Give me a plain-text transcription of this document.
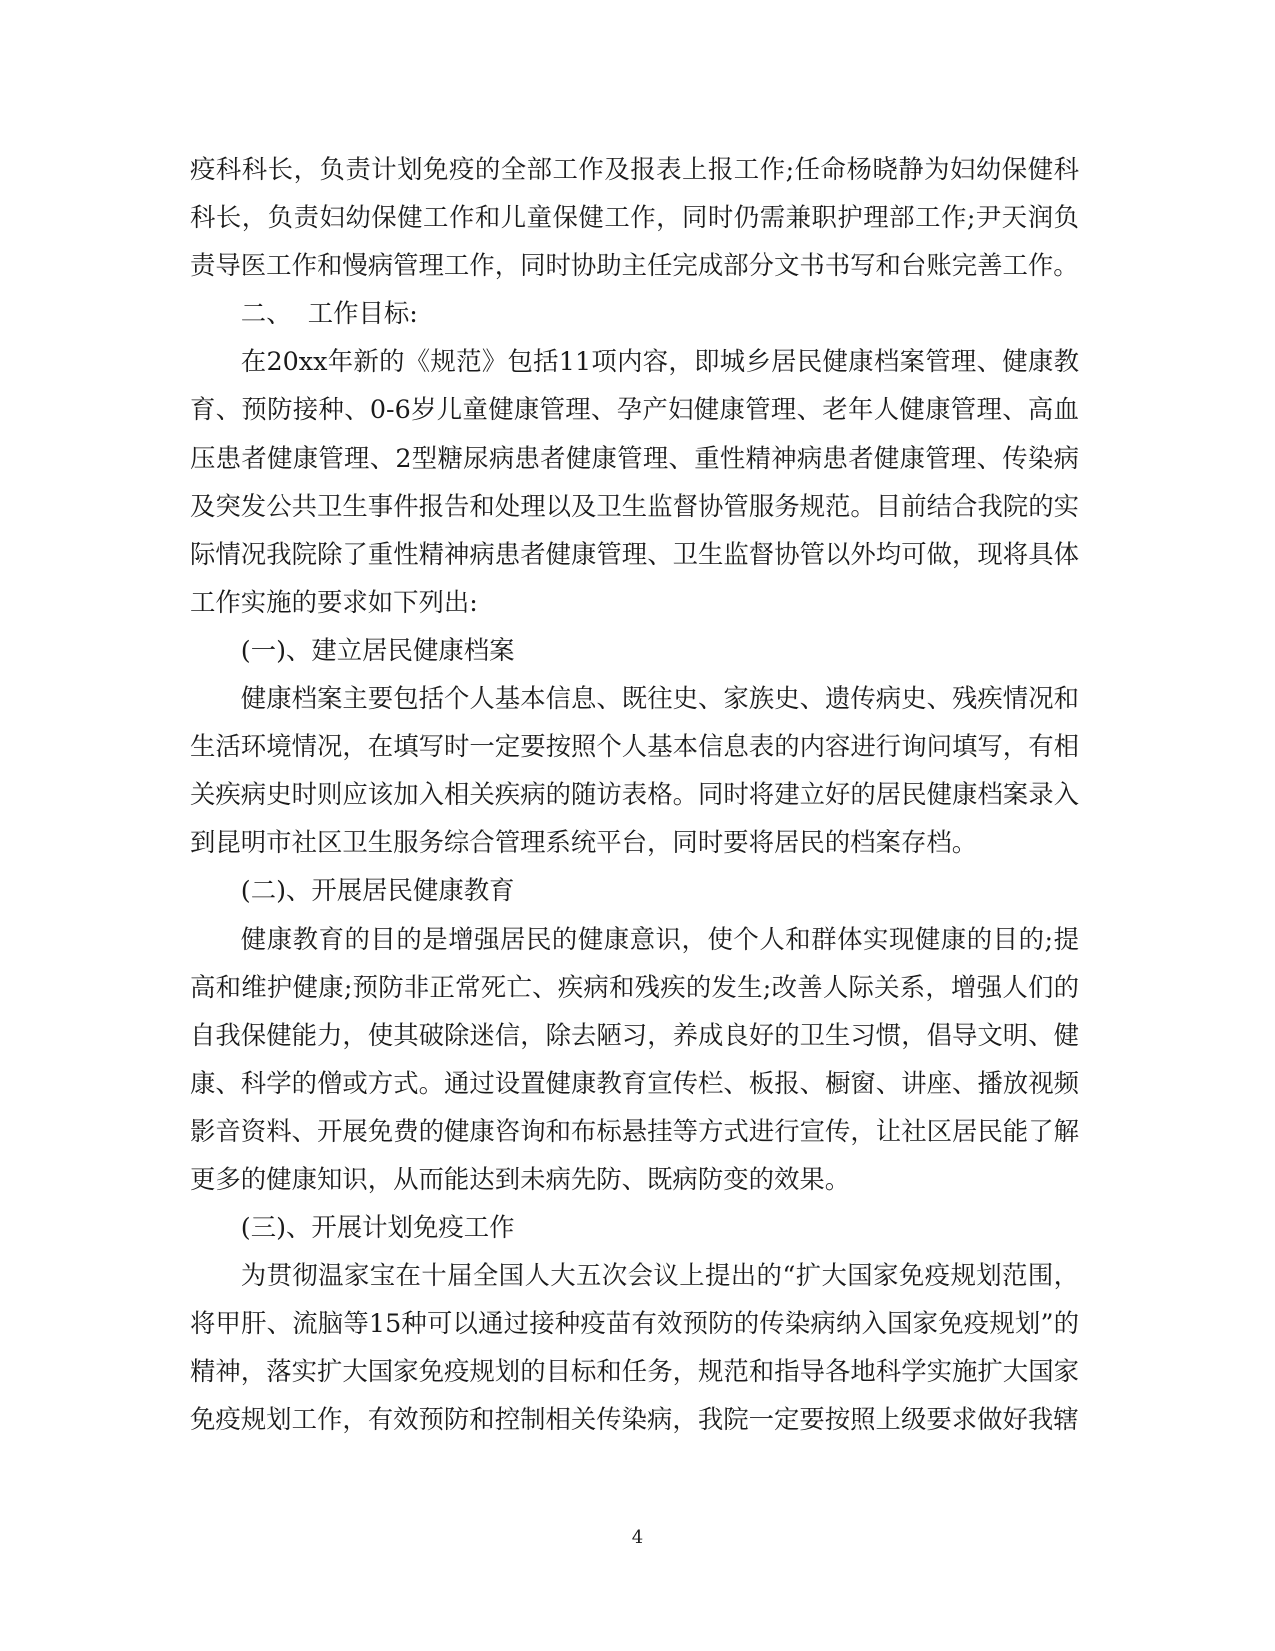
疫科科长，负责计划免疫的全部工作及报表上报工作;任命杨晓静为妇幼保健科科长，负责妇幼保健工作和儿童保健工作，同时仍需兼职护理部工作;尹天润负责导医工作和慢病管理工作，同时协助主任完成部分文书书写和台账完善工作。

二、  工作目标:

在20xx年新的《规范》包括11项内容，即城乡居民健康档案管理、健康教育、预防接种、0-6岁儿童健康管理、孕产妇健康管理、老年人健康管理、高血压患者健康管理、2型糖尿病患者健康管理、重性精神病患者健康管理、传染病及突发公共卫生事件报告和处理以及卫生监督协管服务规范。目前结合我院的实际情况我院除了重性精神病患者健康管理、卫生监督协管以外均可做，现将具体工作实施的要求如下列出:

(一)、建立居民健康档案

健康档案主要包括个人基本信息、既往史、家族史、遗传病史、残疾情况和生活环境情况，在填写时一定要按照个人基本信息表的内容进行询问填写，有相关疾病史时则应该加入相关疾病的随访表格。同时将建立好的居民健康档案录入到昆明市社区卫生服务综合管理系统平台，同时要将居民的档案存档。

(二)、开展居民健康教育

健康教育的目的是增强居民的健康意识，使个人和群体实现健康的目的;提高和维护健康;预防非正常死亡、疾病和残疾的发生;改善人际关系，增强人们的自我保健能力，使其破除迷信，除去陋习，养成良好的卫生习惯，倡导文明、健康、科学的僧或方式。通过设置健康教育宣传栏、板报、橱窗、讲座、播放视频影音资料、开展免费的健康咨询和布标悬挂等方式进行宣传，让社区居民能了解更多的健康知识，从而能达到未病先防、既病防变的效果。

(三)、开展计划免疫工作

为贯彻温家宝在十届全国人大五次会议上提出的“扩大国家免疫规划范围，将甲肝、流脑等15种可以通过接种疫苗有效预防的传染病纳入国家免疫规划”的精神，落实扩大国家免疫规划的目标和任务，规范和指导各地科学实施扩大国家免疫规划工作，有效预防和控制相关传染病，我院一定要按照上级要求做好我辖

4
